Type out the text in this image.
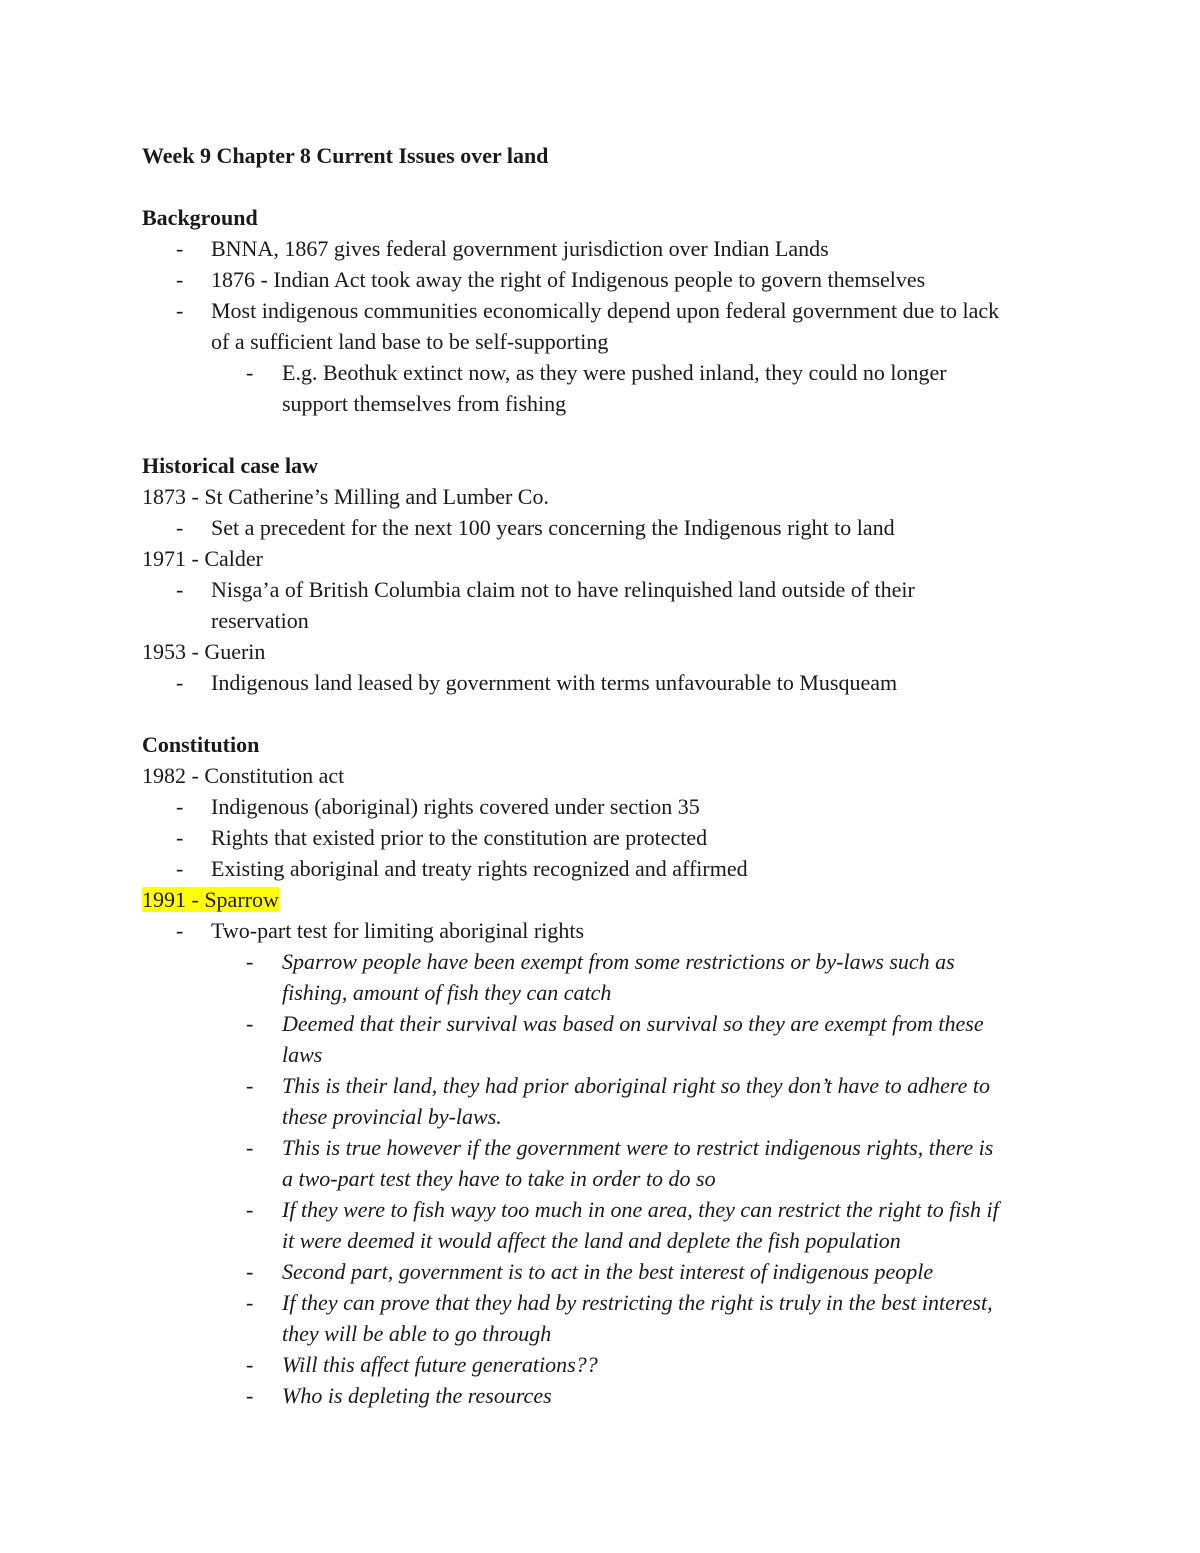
Week 9 Chapter 8 Current Issues over land
Background
-	BNNA, 1867 gives federal government jurisdiction over Indian Lands
-	1876 - Indian Act took away the right of Indigenous people to govern themselves
-	Most indigenous communities economically depend upon federal government due to lack
of a sufficient land base to be self-supporting
-	E.g. Beothuk extinct now, as they were pushed inland, they could no longer
support themselves from fishing
Historical case law
1873 - St Catherine’s Milling and Lumber Co.
-	Set a precedent for the next 100 years concerning the Indigenous right to land
1971 - Calder
-	Nisga’a of British Columbia claim not to have relinquished land outside of their
reservation
1953 - Guerin
-	Indigenous land leased by government with terms unfavourable to Musqueam
Constitution
1982 - Constitution act
-	Indigenous (aboriginal) rights covered under section 35
-	Rights that existed prior to the constitution are protected
-	Existing aboriginal and treaty rights recognized and affirmed
1991 - Sparrow
-	Two-part test for limiting aboriginal rights
-	Sparrow people have been exempt from some restrictions or by-laws such as
fishing, amount of fish they can catch
-	Deemed that their survival was based on survival so they are exempt from these
laws
-	This is their land, they had prior aboriginal right so they don’t have to adhere to
these provincial by-laws.
-	This is true however if the government were to restrict indigenous rights, there is
a two-part test they have to take in order to do so
-	If they were to fish wayy too much in one area, they can restrict the right to fish if
it were deemed it would affect the land and deplete the fish population
-	Second part, government is to act in the best interest of indigenous people
-	If they can prove that they had by restricting the right is truly in the best interest,
they will be able to go through
-	Will this affect future generations??
-	Who is depleting the resources
